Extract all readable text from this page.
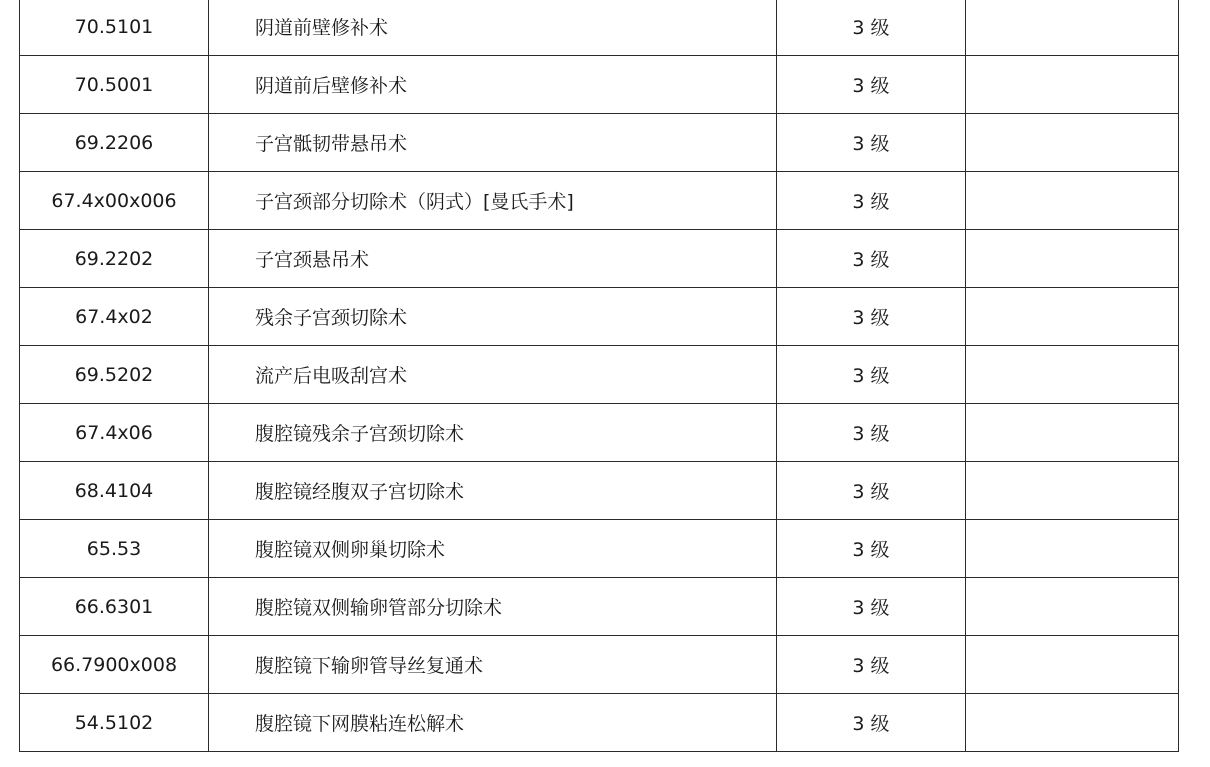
70.5101	阴道前壁修补术	3 级	
70.5001	阴道前后壁修补术	3 级	
69.2206	子宫骶韧带悬吊术	3 级	
67.4x00x006	子宫颈部分切除术（阴式）[曼氏手术]	3 级	
69.2202	子宫颈悬吊术	3 级	
67.4x02	残余子宫颈切除术	3 级	
69.5202	流产后电吸刮宫术	3 级	
67.4x06	腹腔镜残余子宫颈切除术	3 级	
68.4104	腹腔镜经腹双子宫切除术	3 级	
65.53	腹腔镜双侧卵巢切除术	3 级	
66.6301	腹腔镜双侧输卵管部分切除术	3 级	
66.7900x008	腹腔镜下输卵管导丝复通术	3 级	
54.5102	腹腔镜下网膜粘连松解术	3 级	
